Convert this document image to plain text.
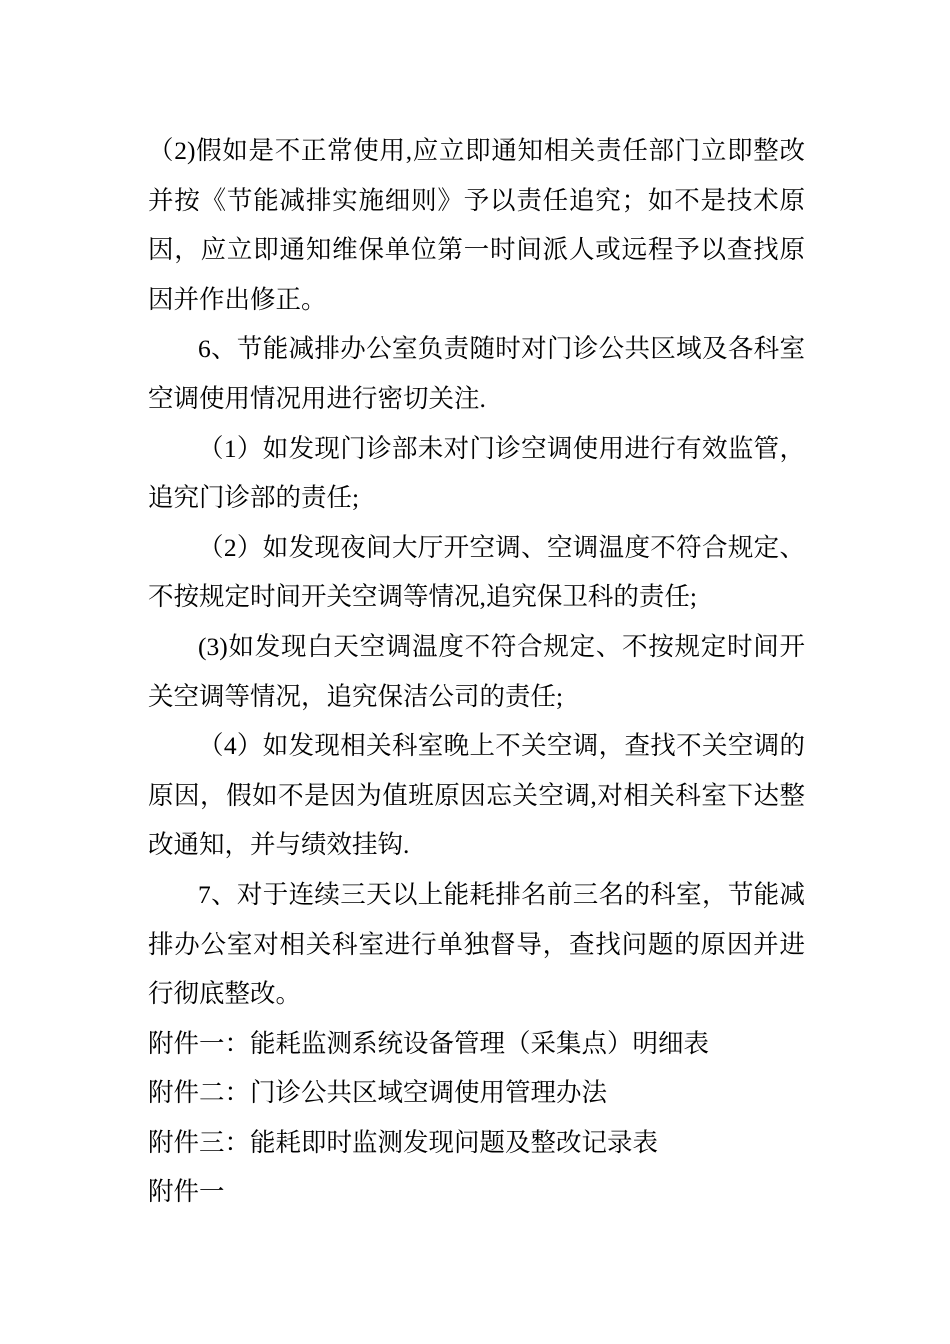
（2)假如是不正常使用,应立即通知相关责任部门立即整改
并按《节能减排实施细则》予以责任追究；如不是技术原
因，应立即通知维保单位第一时间派人或远程予以查找原
因并作出修正。
6、节能减排办公室负责随时对门诊公共区域及各科室
空调使用情况用进行密切关注.
（1）如发现门诊部未对门诊空调使用进行有效监管，
追究门诊部的责任;
（2）如发现夜间大厅开空调、空调温度不符合规定、
不按规定时间开关空调等情况,追究保卫科的责任;
(3)如发现白天空调温度不符合规定、不按规定时间开
关空调等情况，追究保洁公司的责任;
（4）如发现相关科室晚上不关空调，查找不关空调的
原因，假如不是因为值班原因忘关空调,对相关科室下达整
改通知，并与绩效挂钩.
7、对于连续三天以上能耗排名前三名的科室，节能减
排办公室对相关科室进行单独督导，查找问题的原因并进
行彻底整改。
附件一：能耗监测系统设备管理（采集点）明细表
附件二：门诊公共区域空调使用管理办法
附件三：能耗即时监测发现问题及整改记录表
附件一
